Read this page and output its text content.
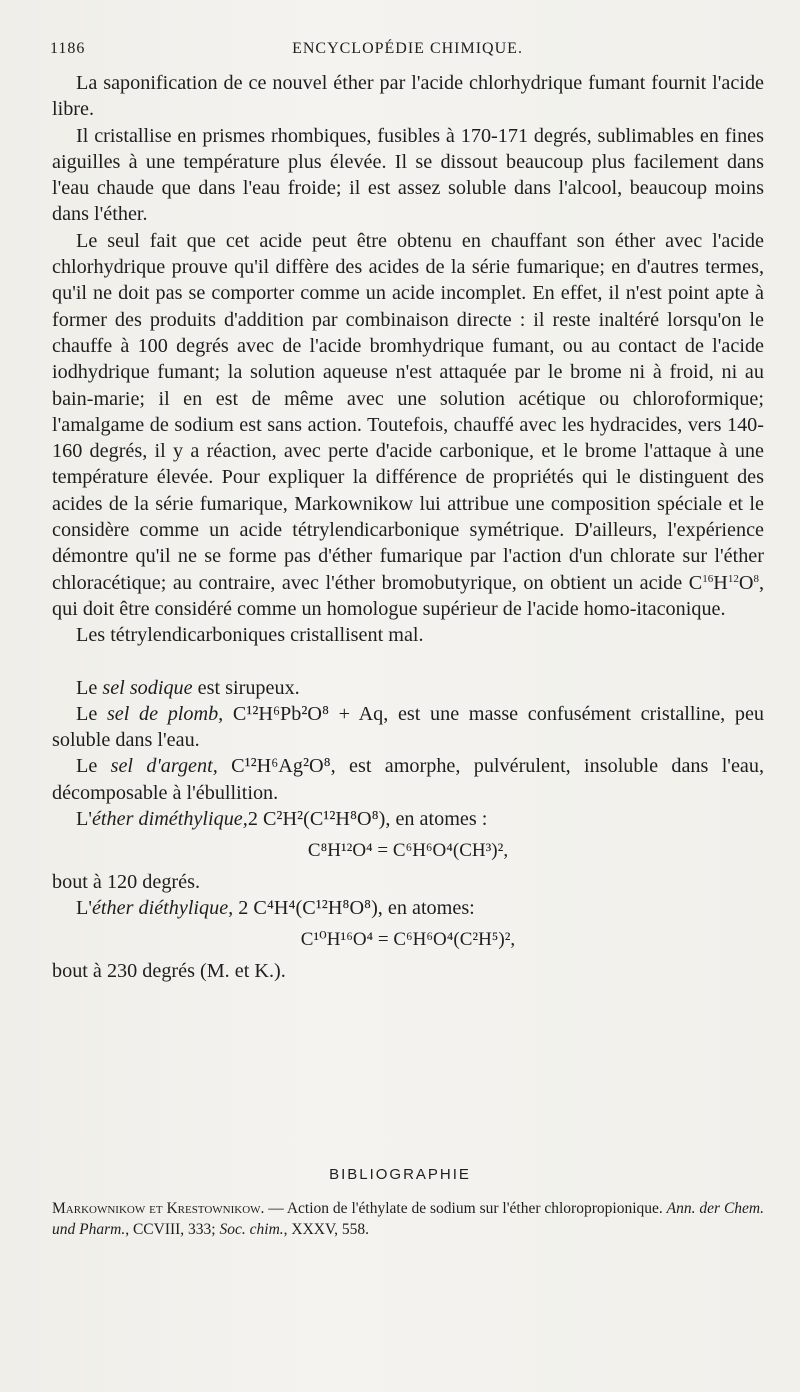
1186	ENCYCLOPÉDIE CHIMIQUE.

La saponification de ce nouvel éther par l'acide chlorhydrique fumant fournit l'acide libre.

Il cristallise en prismes rhombiques, fusibles à 170-171 degrés, sublimables en fines aiguilles à une température plus élevée. Il se dissout beaucoup plus facilement dans l'eau chaude que dans l'eau froide; il est assez soluble dans l'alcool, beaucoup moins dans l'éther.

Le seul fait que cet acide peut être obtenu en chauffant son éther avec l'acide chlorhydrique prouve qu'il diffère des acides de la série fumarique; en d'autres termes, qu'il ne doit pas se comporter comme un acide incomplet. En effet, il n'est point apte à former des produits d'addition par combinaison directe : il reste inaltéré lorsqu'on le chauffe à 100 degrés avec de l'acide bromhydrique fumant, ou au contact de l'acide iodhydrique fumant; la solution aqueuse n'est attaquée par le brome ni à froid, ni au bain-marie; il en est de même avec une solution acétique ou chloroformique; l'amalgame de sodium est sans action. Toutefois, chauffé avec les hydracides, vers 140-160 degrés, il y a réaction, avec perte d'acide carbonique, et le brome l'attaque à une température élevée. Pour expliquer la différence de propriétés qui le distinguent des acides de la série fumarique, Markownikow lui attribue une composition spéciale et le considère comme un acide tétrylendicarbonique symétrique. D'ailleurs, l'expérience démontre qu'il ne se forme pas d'éther fumarique par l'action d'un chlorate sur l'éther chloracétique; au contraire, avec l'éther bromobutyrique, on obtient un acide $C^{16}H^{12}O^8$, qui doit être considéré comme un homologue supérieur de l'acide homo-itaconique.

Les tétrylendicarboniques cristallisent mal.

Le sel sodique est sirupeux.

Le sel de plomb, C¹²H⁶Pb²O⁸ + Aq, est une masse confusément cristalline, peu soluble dans l'eau.

Le sel d'argent, C¹²H⁶Ag²O⁸, est amorphe, pulvérulent, insoluble dans l'eau, décomposable à l'ébullition.

L'éther diméthylique,2 C²H²(C¹²H⁸O⁸), en atomes :

C⁸H¹²O⁴ = C⁶H⁶O⁴(CH³)²,

bout à 120 degrés.

L'éther diéthylique, 2 C⁴H⁴(C¹²H⁸O⁸), en atomes:

C¹⁰H¹⁶O⁴ = C⁶H⁶O⁴(C²H⁵)²,

bout à 230 degrés (M. et K.).

BIBLIOGRAPHIE
Markownikow et Krestownikow. — Action de l'éthylate de sodium sur l'éther chloropropionique. Ann. der Chem. und Pharm., CCVIII, 333; Soc. chim., XXXV, 558.
